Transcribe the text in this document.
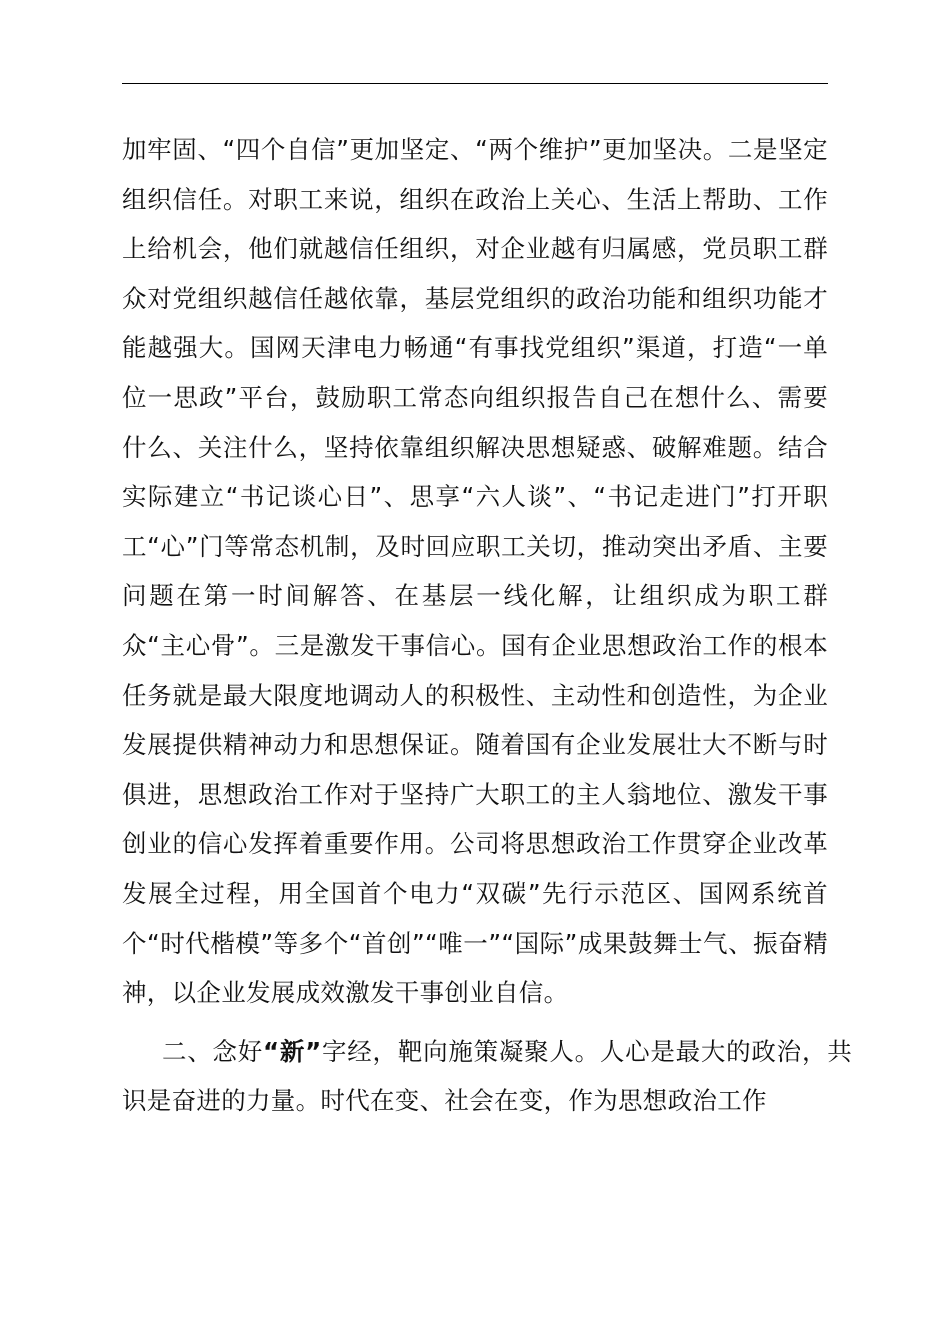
加牢固、“四个自信”更加坚定、“两个维护”更加坚决。二是坚定组织信任。对职工来说，组织在政治上关心、生活上帮助、工作上给机会，他们就越信任组织，对企业越有归属感，党员职工群众对党组织越信任越依靠，基层党组织的政治功能和组织功能才能越强大。国网天津电力畅通“有事找党组织”渠道，打造“一单位一思政”平台，鼓励职工常态向组织报告自己在想什么、需要什么、关注什么，坚持依靠组织解决思想疑惑、破解难题。结合实际建立“书记谈心日”、思享“六人谈”、“书记走进门”打开职工“心”门等常态机制，及时回应职工关切，推动突出矛盾、主要问题在第一时间解答、在基层一线化解，让组织成为职工群众“主心骨”。三是激发干事信心。国有企业思想政治工作的根本任务就是最大限度地调动人的积极性、主动性和创造性，为企业发展提供精神动力和思想保证。随着国有企业发展壮大不断与时俱进，思想政治工作对于坚持广大职工的主人翁地位、激发干事创业的信心发挥着重要作用。公司将思想政治工作贯穿企业改革发展全过程，用全国首个电力“双碳”先行示范区、国网系统首个“时代楷模”等多个“首创”“唯一”“国际”成果鼓舞士气、振奋精神，以企业发展成效激发干事创业自信。

二、念好“新”字经，靶向施策凝聚人。人心是最大的政治，共识是奋进的力量。时代在变、社会在变，作为思想政治工作
